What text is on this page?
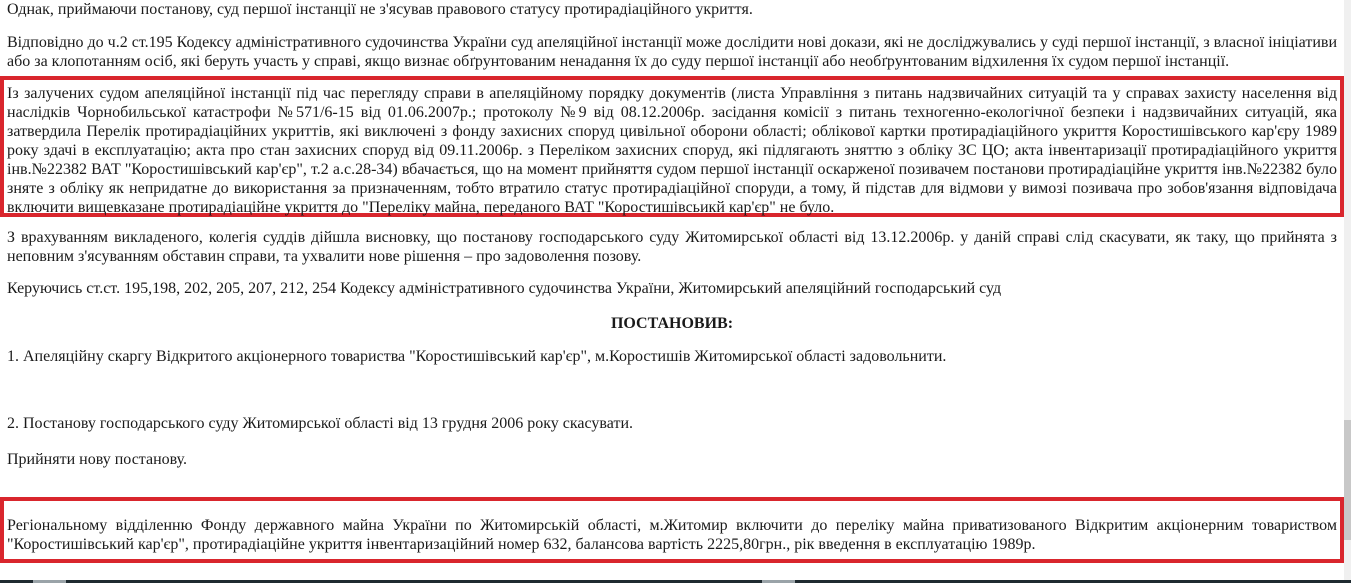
Однак, приймаючи постанову, суд першої інстанції не з'ясував правового статусу протирадіаційного укриття.

Відповідно до ч.2 ст.195 Кодексу адміністративного судочинства України суд апеляційної інстанції може дослідити нові докази, які не досліджувались у суді першої інстанції, з власної ініціативи або за клопотанням осіб, які беруть участь у справі, якщо визнає обґрунтованим ненадання їх до суду першої інстанції або необґрунтованим відхилення їх судом першої інстанції.

Із залучених судом апеляційної інстанції під час перегляду справи в апеляційному порядку документів (листа Управління з питань надзвичайних ситуацій та у справах захисту населення від наслідків Чорнобильської катастрофи №571/6-15 від 01.06.2007р.; протоколу №9 від 08.12.2006р. засідання комісії з питань техногенно-екологічної безпеки і надзвичайних ситуацій, яка затвердила Перелік протирадіаційних укриттів, які виключені з фонду захисних споруд цивільної оборони області; облікової картки протирадіаційного укриття Коростишівського кар'єру 1989 року здачі в експлуатацію; акта про стан захисних споруд від 09.11.2006р. з Переліком захисних споруд, які підлягають зняттю з обліку ЗС ЦО; акта інвентаризації протирадіаційного укриття інв.№22382 ВАТ "Коростишівський кар'єр", т.2 а.с.28-34) вбачається, що на момент прийняття судом першої інстанції оскарженої позивачем постанови протирадіаційне укриття інв.№22382 було зняте з обліку як непридатне до використання за призначенням, тобто втратило статус протирадіаційної споруди, а тому, й підстав для відмови у вимозі позивача про зобов'язання відповідача включити вищевказане протирадіаційне укриття до "Переліку майна, переданого ВАТ "Коростишівсьикй кар'єр" не було.

З врахуванням викладеного, колегія суддів дійшла висновку, що постанову господарського суду Житомирської області від 13.12.2006р. у даній справі слід скасувати, як таку, що прийнята з неповним з'ясуванням обставин справи, та ухвалити нове рішення – про задоволення позову.

Керуючись ст.ст. 195,198, 202, 205, 207, 212, 254 Кодексу адміністративного судочинства України, Житомирський апеляційний господарський суд

ПОСТАНОВИВ:

1. Апеляційну скаргу Відкритого акціонерного товариства "Коростишівський кар'єр", м.Коростишів Житомирської області задовольнити.

2. Постанову господарського суду Житомирської області від 13 грудня 2006 року скасувати.

Прийняти нову постанову.

Регіональному відділенню Фонду державного майна України по Житомирській області, м.Житомир включити до переліку майна приватизованого Відкритим акціонерним товариством "Коростишівський кар'єр", протирадіаційне укриття інвентаризаційний номер 632, балансова вартість 2225,80грн., рік введення в експлуатацію 1989р.
